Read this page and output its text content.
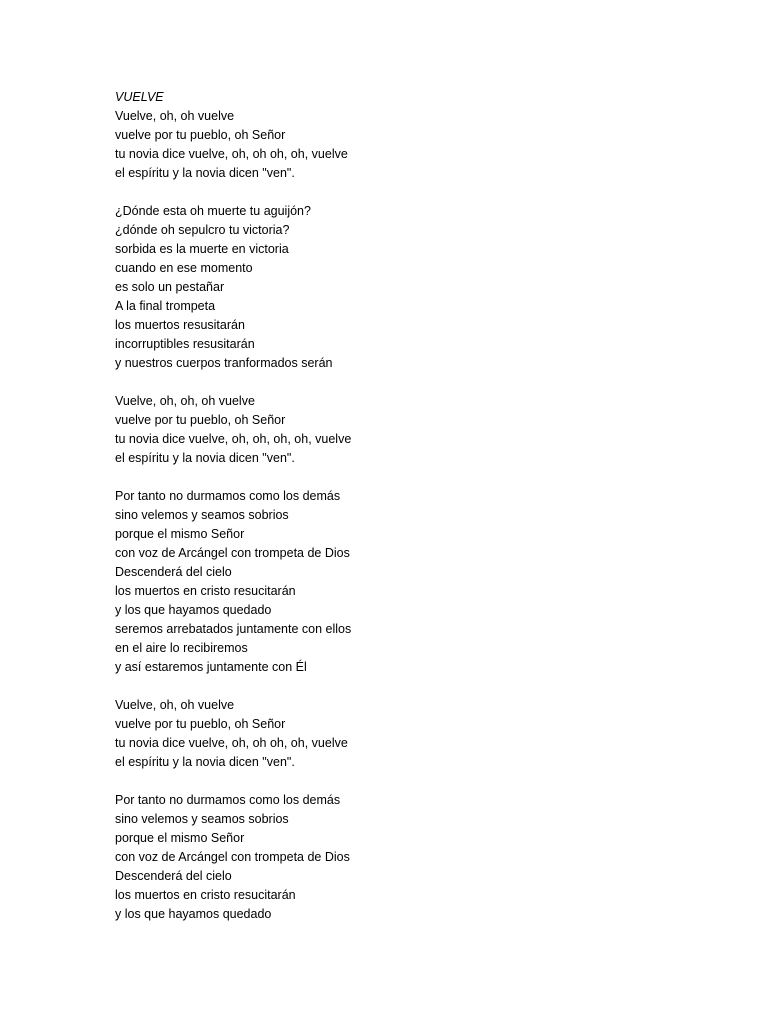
VUELVE
Vuelve, oh, oh vuelve
vuelve por tu pueblo, oh Señor
tu novia dice vuelve, oh, oh oh, oh, vuelve
el espíritu y la novia dicen "ven".
¿Dónde esta oh muerte tu aguijón?
¿dónde oh sepulcro tu victoria?
sorbida es la muerte en victoria
cuando en ese momento
es solo un pestañar
A la final trompeta
los muertos resusitarán
incorruptibles resusitarán
y nuestros cuerpos tranformados serán
Vuelve, oh, oh, oh vuelve
vuelve por tu pueblo, oh Señor
tu novia dice vuelve, oh, oh, oh, oh, vuelve
el espíritu y la novia dicen "ven".
Por tanto no durmamos como los demás
sino velemos y seamos sobrios
porque el mismo Señor
con voz de Arcángel con trompeta de Dios
Descenderá del cielo
los muertos en cristo resucitarán
y los que hayamos quedado
seremos arrebatados juntamente con ellos
en el aire lo recibiremos
y así estaremos juntamente con Él
Vuelve, oh, oh vuelve
vuelve por tu pueblo, oh Señor
tu novia dice vuelve, oh, oh oh, oh, vuelve
el espíritu y la novia dicen "ven".
Por tanto no durmamos como los demás
sino velemos y seamos sobrios
porque el mismo Señor
con voz de Arcángel con trompeta de Dios
Descenderá del cielo
los muertos en cristo resucitarán
y los que hayamos quedado
